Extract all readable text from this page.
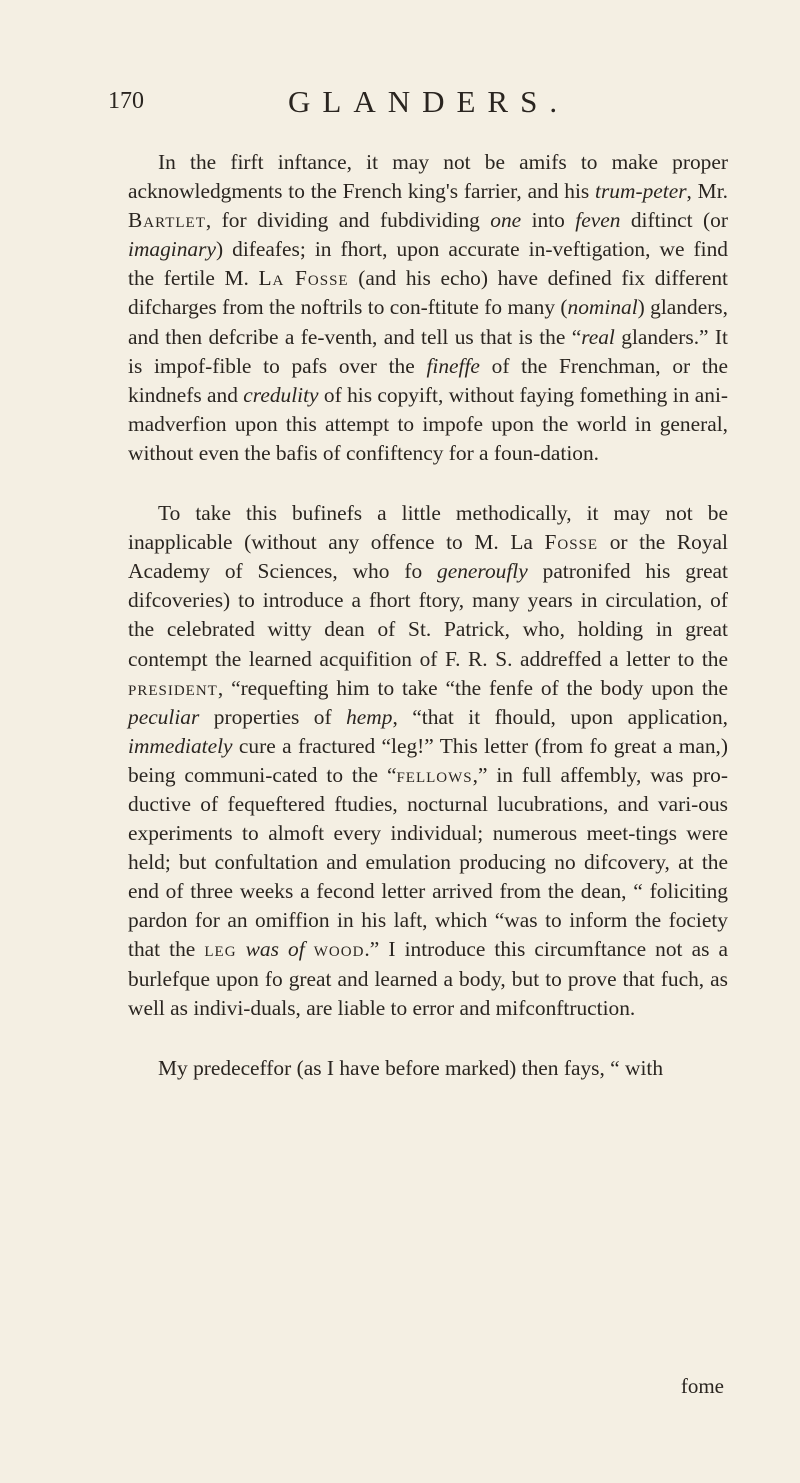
170	GLANDERS.

In the firft inftance, it may not be amifs to make proper acknowledgments to the French king's farrier, and his trum-peter, Mr. Bartlet, for dividing and fubdividing one into feven diftinct (or imaginary) difeafes; in fhort, upon accurate in-veftigation, we find the fertile M. La Fosse (and his echo) have defined fix different difcharges from the noftrils to con-ftitute fo many (nominal) glanders, and then defcribe a fe-venth, and tell us that is the “real glanders.” It is impof-fible to pafs over the fineffe of the Frenchman, or the kindnefs and credulity of his copyift, without faying fomething in ani-madverfion upon this attempt to impofe upon the world in general, without even the bafis of confiftency for a foun-dation.

To take this bufinefs a little methodically, it may not be inapplicable (without any offence to M. La Fosse or the Royal Academy of Sciences, who fo generoufly patronifed his great difcoveries) to introduce a fhort ftory, many years in circulation, of the celebrated witty dean of St. Patrick, who, holding in great contempt the learned acquifition of F. R. S. addreffed a letter to the president, “requefting him to take “the fenfe of the body upon the peculiar properties of hemp, “that it fhould, upon application, immediately cure a fractured “leg!” This letter (from fo great a man,) being communi-cated to the “fellows,” in full affembly, was pro-ductive of fequeftered ftudies, nocturnal lucubrations, and vari-ous experiments to almoft every individual; numerous meet-tings were held; but confultation and emulation producing no difcovery, at the end of three weeks a fecond letter arrived from the dean, “ foliciting pardon for an omiffion in his laft, which “was to inform the fociety that the leg was of wood.” I introduce this circumftance not as a burlefque upon fo great and learned a body, but to prove that fuch, as well as indivi-duals, are liable to error and mifconftruction.

My predeceffor (as I have before marked) then fays, “ with

fome
